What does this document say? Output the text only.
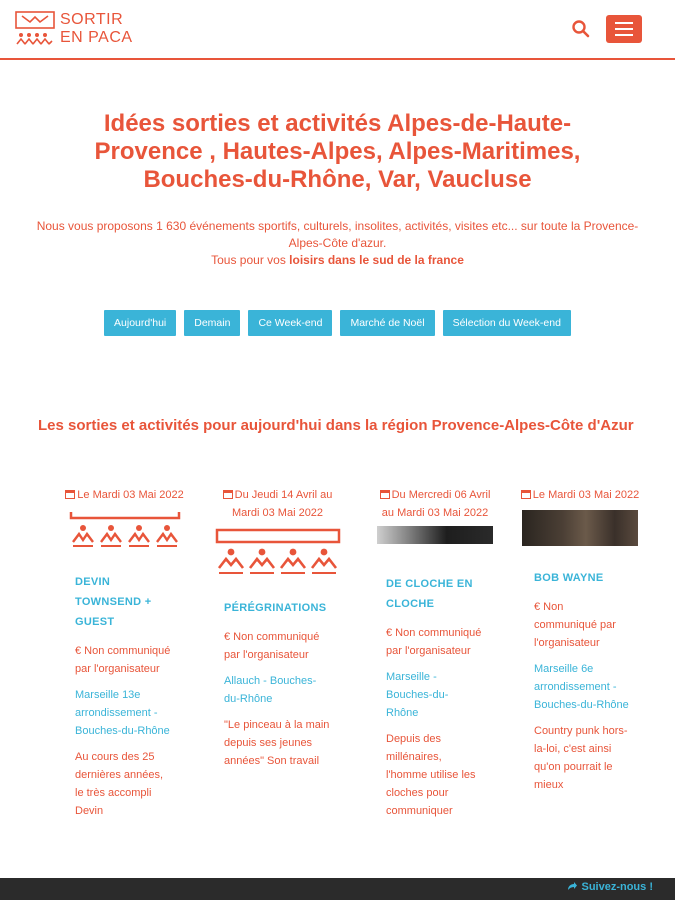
SORTIR
EN PACA
Idées sorties et activités Alpes-de-Haute-Provence , Hautes-Alpes, Alpes-Maritimes, Bouches-du-Rhône, Var, Vaucluse
Nous vous proposons 1 630 événements sportifs, culturels, insolites, activités, visites etc... sur toute la Provence-Alpes-Côte d'azur.
Tous pour vos loisirs dans le sud de la france
Aujourd'hui	Demain	Ce Week-end	Marché de Noël	Sélection du Week-end
Les sorties et activités pour aujourd'hui dans la région Provence-Alpes-Côte d'Azur
Le Mardi 03 Mai 2022
DEVIN TOWNSEND + GUEST
€ Non communiqué par l'organisateur
Marseille 13e arrondissement - Bouches-du-Rhône
Au cours des 25 dernières années, le très accompli Devin
Du Jeudi 14 Avril au Mardi 03 Mai 2022
PÉRÉGRINATIONS
€ Non communiqué par l'organisateur
Allauch - Bouches-du-Rhône
"Le pinceau à la main depuis ses jeunes années" Son travail
Du Mercredi 06 Avril au Mardi 03 Mai 2022
DE CLOCHE EN CLOCHE
€ Non communiqué par l'organisateur
Marseille - Bouches-du-Rhône
Depuis des millénaires, l'homme utilise les cloches pour communiquer
Le Mardi 03 Mai 2022
BOB WAYNE
€ Non communiqué par l'organisateur
Marseille 6e arrondissement - Bouches-du-Rhône
Country punk hors-la-loi, c'est ainsi qu'on pourrait le mieux
Suivez-nous !
